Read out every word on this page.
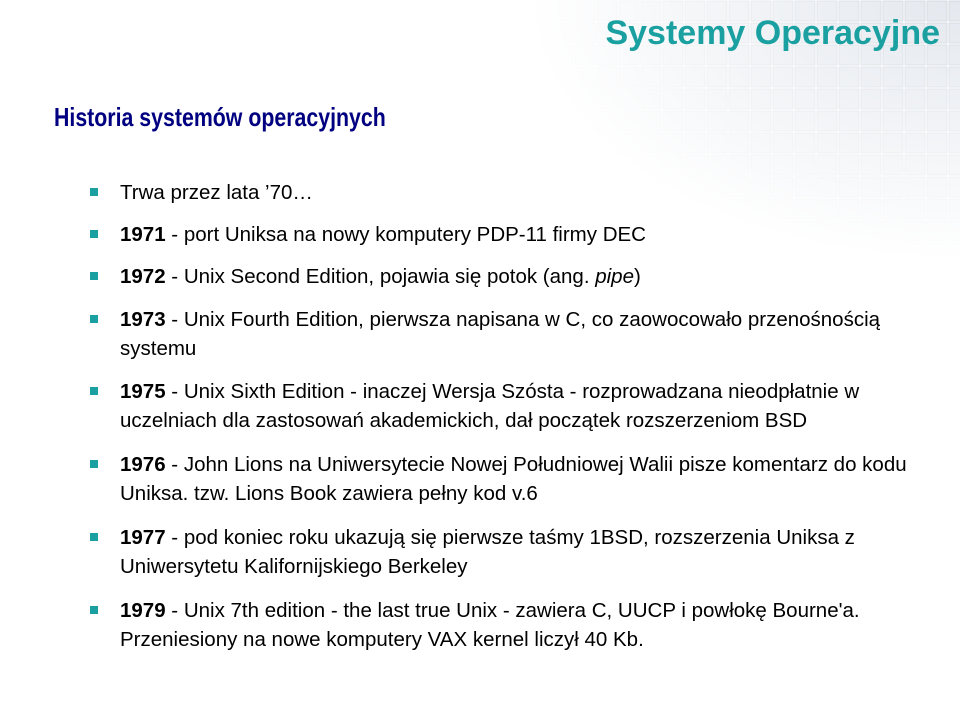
Systemy Operacyjne
Historia systemów operacyjnych
Trwa przez lata ’70…
1971 - port Uniksa na nowy komputery PDP-11 firmy DEC
1972 - Unix Second Edition, pojawia się potok (ang. pipe)
1973 - Unix Fourth Edition, pierwsza napisana w C, co zaowocowało przenośnością systemu
1975 - Unix Sixth Edition - inaczej Wersja Szósta - rozprowadzana nieodpłatnie w uczelniach dla zastosowań akademickich, dał początek rozszerzeniom BSD
1976 - John Lions na Uniwersytecie Nowej Południowej Walii pisze komentarz do kodu Uniksa. tzw. Lions Book zawiera pełny kod v.6
1977 - pod koniec roku ukazują się pierwsze taśmy 1BSD, rozszerzenia Uniksa z Uniwersytetu Kalifornijskiego Berkeley
1979 - Unix 7th edition - the last true Unix - zawiera C, UUCP i powłokę Bourne'a. Przeniesiony na nowe komputery VAX kernel liczył 40 Kb.
